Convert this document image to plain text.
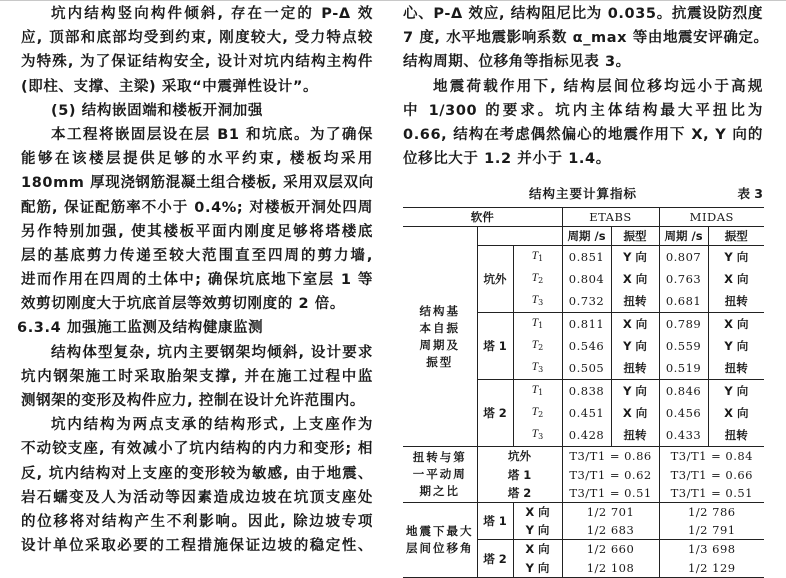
坑内结构竖向构件倾斜, 存在一定的 P-Δ 效
应, 顶部和底部均受到约束, 刚度较大, 受力特点较
为特殊, 为了保证结构安全, 设计对坑内结构主构件
(即柱、支撑、主梁) 采取“中震弹性设计”。
(5) 结构嵌固端和楼板开洞加强
本工程将嵌固层设在层 B1 和坑底。为了确保
能够在该楼层提供足够的水平约束, 楼板均采用
180mm 厚现浇钢筋混凝土组合楼板, 采用双层双向
配筋, 保证配筋率不小于 0.4%; 对楼板开洞处四周
另作特别加强, 使其楼板平面内刚度足够将塔楼底
层的基底剪力传递至较大范围直至四周的剪力墙,
进而作用在四周的土体中; 确保坑底地下室层 1 等
效剪切刚度大于坑底首层等效剪切刚度的 2 倍。
6.3.4 加强施工监测及结构健康监测
结构体型复杂, 坑内主要钢架均倾斜, 设计要求
坑内钢架施工时采取胎架支撑, 并在施工过程中监
测钢架的变形及构件应力, 控制在设计允许范围内。
坑内结构为两点支承的结构形式, 上支座作为
不动铰支座, 有效减小了坑内结构的内力和变形; 相
反, 坑内结构对上支座的变形较为敏感, 由于地震、
岩石蠕变及人为活动等因素造成边坡在坑顶支座处
的位移将对结构产生不利影响。因此, 除边坡专项
设计单位采取必要的工程措施保证边坡的稳定性、
心、P-Δ 效应, 结构阻尼比为 0.035。抗震设防烈度
7 度, 水平地震影响系数 α_max 等由地震安评确定。
结构周期、位移角等指标见表 3。
地震荷载作用下, 结构层间位移均远小于高规
中 1/300 的要求。坑内主体结构最大平扭比为
0.66, 结构在考虑偶然偏心的地震作用下 X, Y 向的
位移比大于 1.2 并小于 1.4。
结构主要计算指标	表 3
软件			ETABS		MIDAS	

结构基
本自振
周期及
振型			周期 /s	振型	周期 /s	振型
	坑外	$T_1$	0.851	Y 向	0.807	Y 向
		$T_2$	0.804	X 向	0.763	X 向
		$T_3$	0.732	扭转	0.681	扭转
	塔 1	$T_1$	0.811	X 向	0.789	X 向
		$T_2$	0.546	Y 向	0.559	Y 向
		$T_3$	0.505	扭转	0.519	扭转
	塔 2	$T_1$	0.838	Y 向	0.846	Y 向
		$T_2$	0.451	X 向	0.456	X 向
		$T_3$	0.428	扭转	0.433	扭转

扭转与第
一平动周
期之比	坑外		T3/T1 = 0.86		T3/T1 = 0.84	
	塔 1		T3/T1 = 0.62		T3/T1 = 0.66	
	塔 2		T3/T1 = 0.51		T3/T1 = 0.51	

地震下最大
层间位移角	塔 1	X 向	1/2 701		1/2 786	
		Y 向	1/2 683		1/2 791	
	塔 2	X 向	1/2 660		1/3 698	
		Y 向	1/2 108		1/2 129	
